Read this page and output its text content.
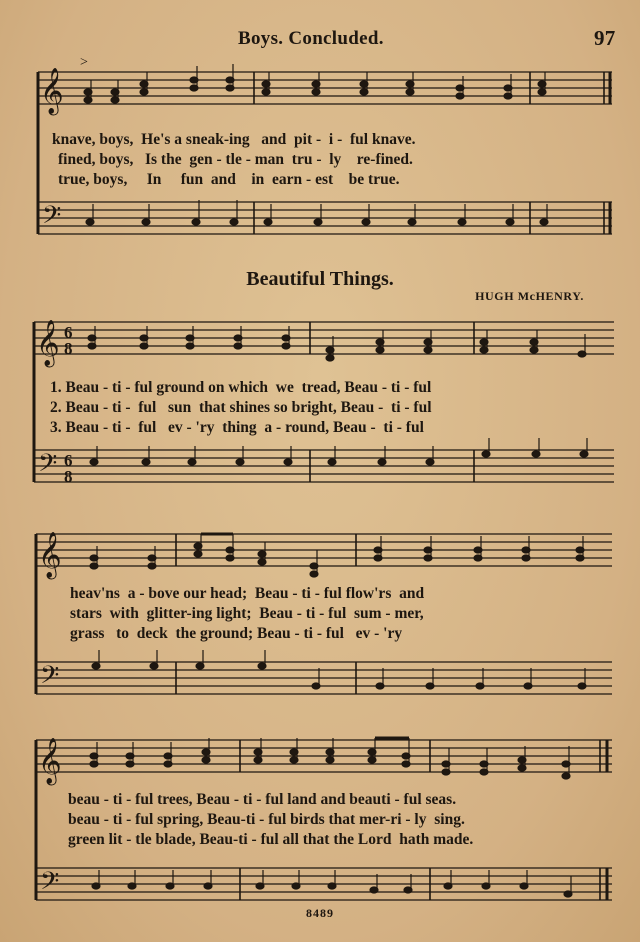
Boys. Concluded.	97
𝄞
𝄢
>
knave, boys,  He's a sneak-ing   and  pit -  i -  ful knave.
fined, boys,   Is the  gen - tle - man  tru -  ly    re-fined.
true, boys,     In     fun  and    in  earn - est    be true.
Beautiful Things.
HUGH McHENRY.
𝄞
𝄢
6
8
6
8
1. Beau - ti - ful ground on which  we  tread, Beau - ti - ful
2. Beau - ti -  ful   sun  that shines so bright, Beau -  ti - ful
3. Beau - ti -  ful   ev - 'ry  thing  a - round, Beau -  ti - ful
𝄞
𝄢
heav'ns  a - bove our head;  Beau - ti - ful flow'rs  and
stars  with  glitter-ing light;  Beau - ti - ful  sum - mer,
grass   to  deck  the ground; Beau - ti - ful   ev - 'ry
𝄞
𝄢
beau - ti - ful trees, Beau - ti - ful land and beauti - ful seas.
beau - ti - ful spring, Beau-ti - ful birds that mer-ri - ly  sing.
green lit - tle blade, Beau-ti - ful all that the Lord  hath made.
8489
